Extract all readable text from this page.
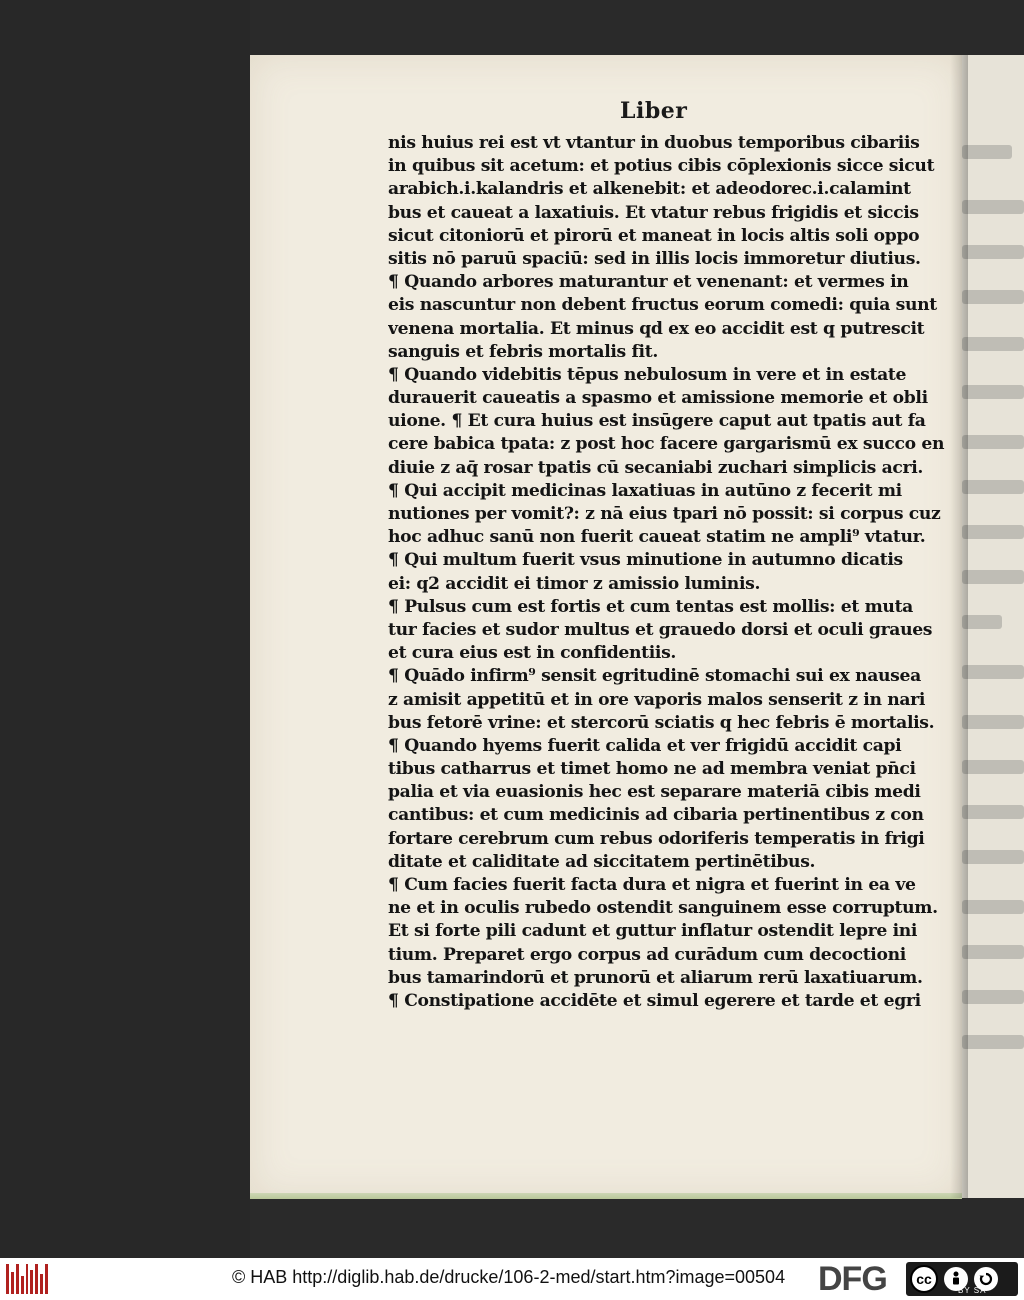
Liber
nis huius rei est vt vtantur in duobus temporibus cibariis
in quibus sit acetum: et potius cibis cōplexionis sicce sicut
arabich.i.kalandris et alkenebit: et adeodorec.i.calamint
bus et caueat a laxatiuis. Et vtatur rebus frigidis et siccis
sicut citoniorū et pirorū et maneat in locis altis soli oppo
sitis nō paruū spaciū: sed in illis locis immoretur diutius.
¶ Quando arbores maturantur et venenant: et vermes in
eis nascuntur non debent fructus eorum comedi: quia sunt
venena mortalia. Et minus qd ex eo accidit est q putrescit
sanguis et febris mortalis fit.
¶ Quando videbitis tēpus nebulosum in vere et in estate
durauerit caueatis a spasmo et amissione memorie et obli
uione. ¶ Et cura huius est insūgere caput aut tpatis aut fa
cere babica tpata: z post hoc facere gargarismū ex succo en
diuie z aq̄ rosar tpatis cū secaniabi zuchari simplicis acri.
¶ Qui accipit medicinas laxatiuas in autūno z fecerit mi
nutiones per vomit?: z nā eius tpari nō possit: si corpus cuz
hoc adhuc sanū non fuerit caueat statim ne ampli⁹ vtatur.
¶ Qui multum fuerit vsus minutione in autumno dicatis
ei: q2 accidit ei timor z amissio luminis.
¶ Pulsus cum est fortis et cum tentas est mollis: et muta
tur facies et sudor multus et grauedo dorsi et oculi graues
et cura eius est in confidentiis.
¶ Quādo infirm⁹ sensit egritudinē stomachi sui ex nausea
z amisit appetitū et in ore vaporis malos senserit z in nari
bus fetorē vrine: et stercorū sciatis q hec febris ē mortalis.
¶ Quando hyems fuerit calida et ver frigidū accidit capi
tibus catharrus et timet homo ne ad membra veniat pn̄ci
palia et via euasionis hec est separare materiā cibis medi
cantibus: et cum medicinis ad cibaria pertinentibus z con
fortare cerebrum cum rebus odoriferis temperatis in frigi
ditate et caliditate ad siccitatem pertinētibus.
¶ Cum facies fuerit facta dura et nigra et fuerint in ea ve
ne et in oculis rubedo ostendit sanguinem esse corruptum.
Et si forte pili cadunt et guttur inflatur ostendit lepre ini
tium. Preparet ergo corpus ad curādum cum decoctioni
bus tamarindorū et prunorū et aliarum rerū laxatiuarum.
¶ Constipatione accidēte et simul egerere et tarde et egri
© HAB http://diglib.hab.de/drucke/106-2-med/start.htm?image=00504 DFG	cc
BY SA
